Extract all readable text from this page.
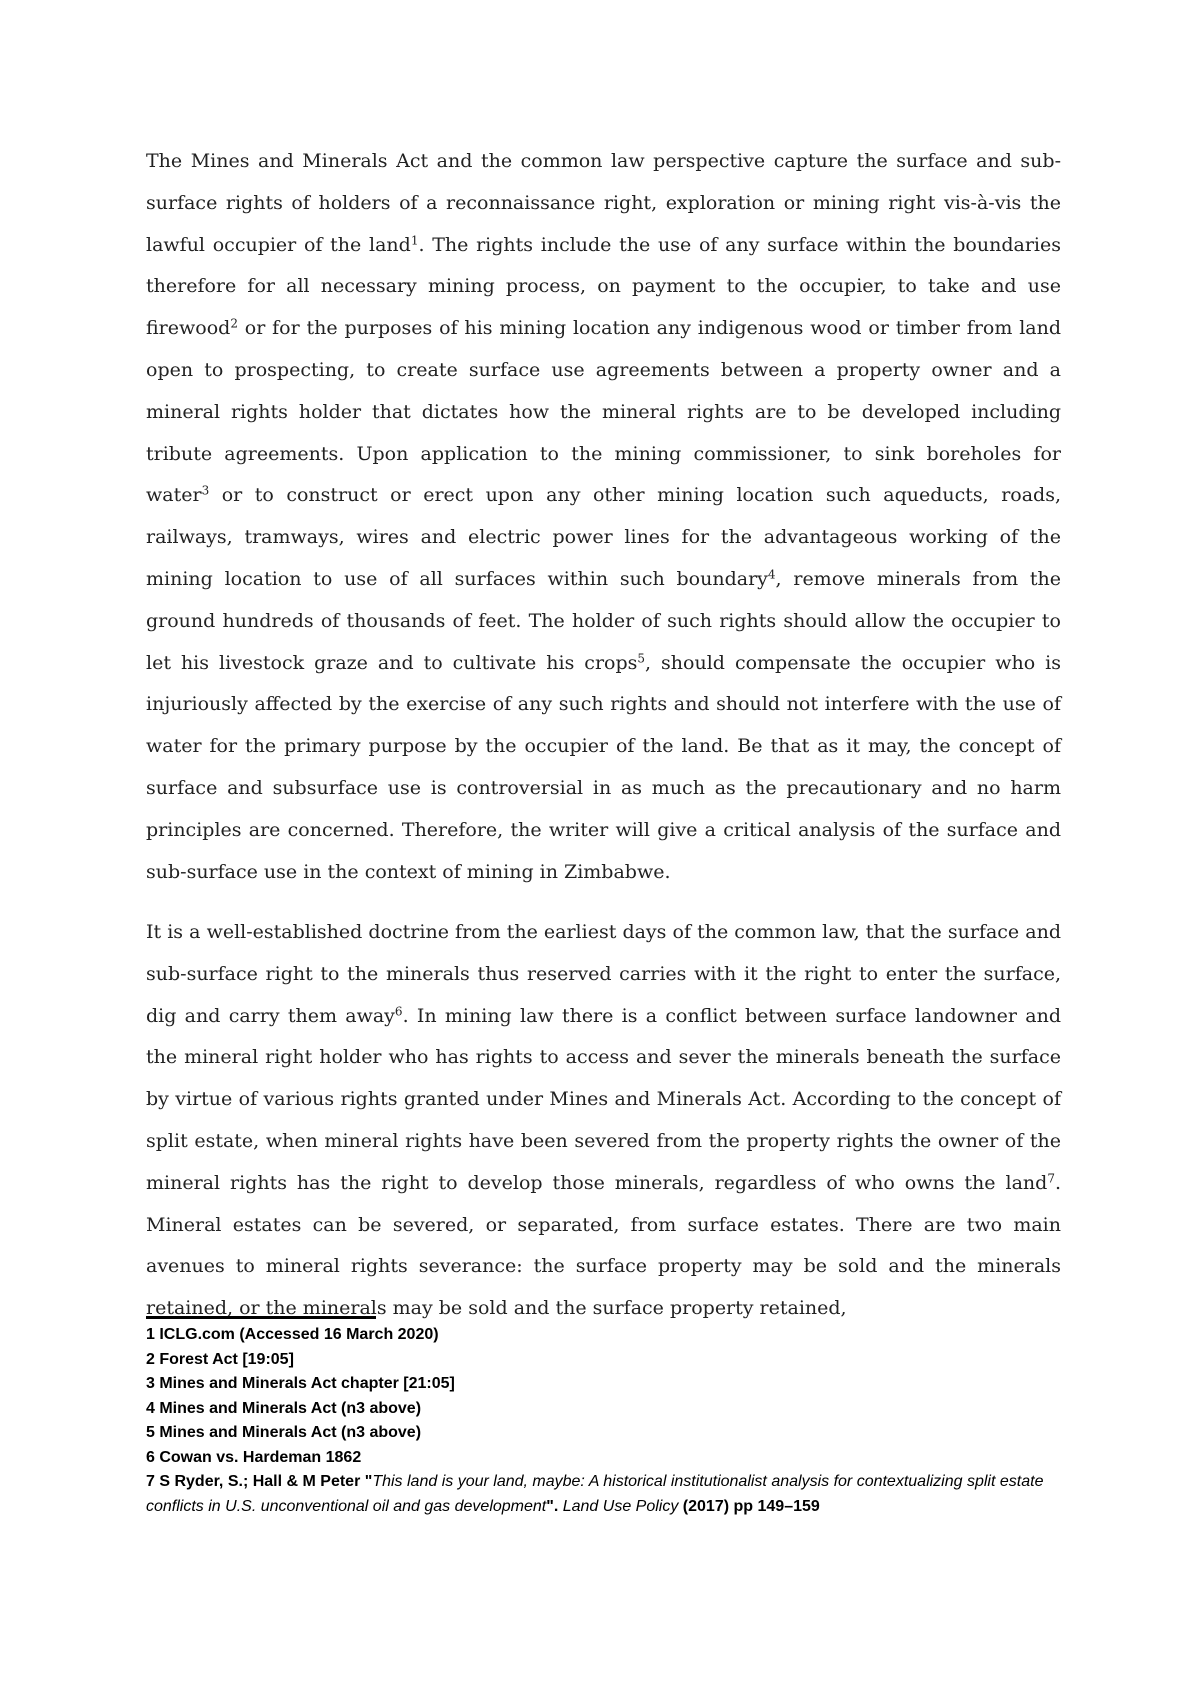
The Mines and Minerals Act and the common law perspective capture the surface and sub-surface rights of holders of a reconnaissance right, exploration or mining right vis-à-vis the lawful occupier of the land$^1$. The rights include the use of any surface within the boundaries therefore for all necessary mining process, on payment to the occupier, to take and use firewood$^2$ or for the purposes of his mining location any indigenous wood or timber from land open to prospecting, to create surface use agreements between a property owner and a mineral rights holder that dictates how the mineral rights are to be developed including tribute agreements. Upon application to the mining commissioner, to sink boreholes for water$^3$ or to construct or erect upon any other mining location such aqueducts, roads, railways, tramways, wires and electric power lines for the advantageous working of the mining location to use of all surfaces within such boundary$^4$, remove minerals from the ground hundreds of thousands of feet. The holder of such rights should allow the occupier to let his livestock graze and to cultivate his crops$^5$, should compensate the occupier who is injuriously affected by the exercise of any such rights and should not interfere with the use of water for the primary purpose by the occupier of the land. Be that as it may, the concept of surface and subsurface use is controversial in as much as the precautionary and no harm principles are concerned. Therefore, the writer will give a critical analysis of the surface and sub-surface use in the context of mining in Zimbabwe.

It is a well-established doctrine from the earliest days of the common law, that the surface and sub-surface right to the minerals thus reserved carries with it the right to enter the surface, dig and carry them away$^6$. In mining law there is a conflict between surface landowner and the mineral right holder who has rights to access and sever the minerals beneath the surface by virtue of various rights granted under Mines and Minerals Act. According to the concept of split estate, when mineral rights have been severed from the property rights the owner of the mineral rights has the right to develop those minerals, regardless of who owns the land$^7$. Mineral estates can be severed, or separated, from surface estates. There are two main avenues to mineral rights severance: the surface property may be sold and the minerals retained, or the minerals may be sold and the surface property retained,

1 ICLG.com (Accessed 16 March 2020)

2 Forest Act [19:05]

3 Mines and Minerals Act chapter [21:05]

4 Mines and Minerals Act (n3 above)

5 Mines and Minerals Act (n3 above)

6 Cowan vs. Hardeman 1862

7 S Ryder, S.; Hall & M Peter "This land is your land, maybe: A historical institutionalist analysis for contextualizing split estate conflicts in U.S. unconventional oil and gas development". Land Use Policy (2017) pp 149–159
